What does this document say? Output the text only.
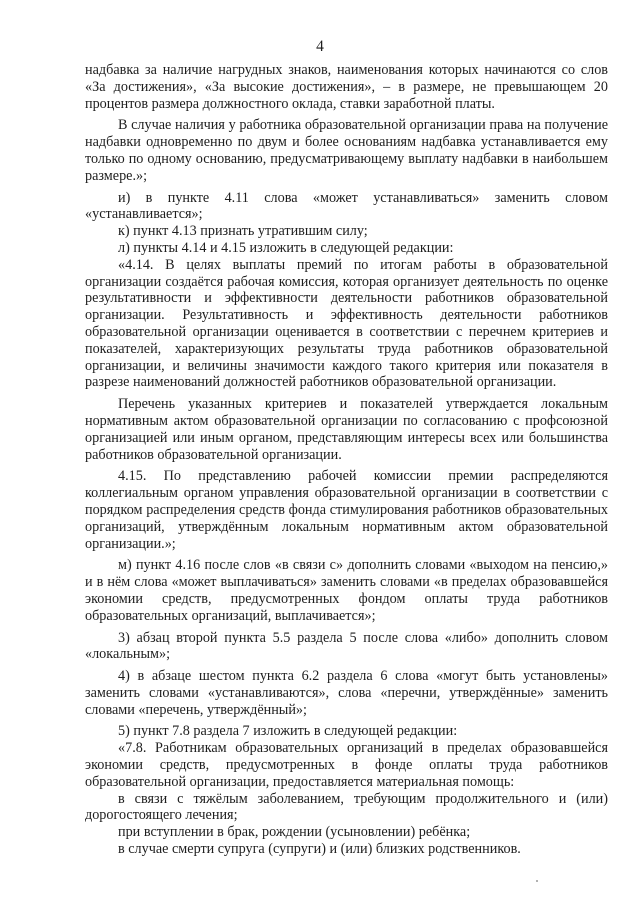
4

надбавка за наличие нагрудных знаков, наименования которых начинаются со слов «За достижения», «За высокие достижения», – в размере, не превышающем 20 процентов размера должностного оклада, ставки заработной платы.

В случае наличия у работника образовательной организации права на получение надбавки одновременно по двум и более основаниям надбавка устанавливается ему только по одному основанию, предусматривающему выплату надбавки в наибольшем размере.»;

и) в пункте 4.11 слова «может устанавливаться» заменить словом «устанавливается»;

к) пункт 4.13 признать утратившим силу;

л) пункты 4.14 и 4.15 изложить в следующей редакции:

«4.14. В целях выплаты премий по итогам работы в образовательной организации создаётся рабочая комиссия, которая организует деятельность по оценке результативности и эффективности деятельности работников образовательной организации. Результативность и эффективность деятельности работников образовательной организации оценивается в соответствии с перечнем критериев и показателей, характеризующих результаты труда работников образовательной организации, и величины значимости каждого такого критерия или показателя в разрезе наименований должностей работников образовательной организации.

Перечень указанных критериев и показателей утверждается локальным нормативным актом образовательной организации по согласованию с профсоюзной организацией или иным органом, представляющим интересы всех или большинства работников образовательной организации.

4.15. По представлению рабочей комиссии премии распределяются коллегиальным органом управления образовательной организации в соответствии с порядком распределения средств фонда стимулирования работников образовательных организаций, утверждённым локальным нормативным актом образовательной организации.»;

м) пункт 4.16 после слов «в связи с» дополнить словами «выходом на пенсию,» и в нём слова «может выплачиваться» заменить словами «в пределах образовавшейся экономии средств, предусмотренных фондом оплаты труда работников образовательных организаций, выплачивается»;

3) абзац второй пункта 5.5 раздела 5 после слова «либо» дополнить словом «локальным»;

4) в абзаце шестом пункта 6.2 раздела 6 слова «могут быть установлены» заменить словами «устанавливаются», слова «перечни, утверждённые» заменить словами «перечень, утверждённый»;

5) пункт 7.8 раздела 7 изложить в следующей редакции:

«7.8. Работникам образовательных организаций в пределах образовавшейся экономии средств, предусмотренных в фонде оплаты труда работников образовательной организации, предоставляется материальная помощь:

в связи с тяжёлым заболеванием, требующим продолжительного и (или) дорогостоящего лечения;

при вступлении в брак, рождении (усыновлении) ребёнка;

в случае смерти супруга (супруги) и (или) близких родственников.
